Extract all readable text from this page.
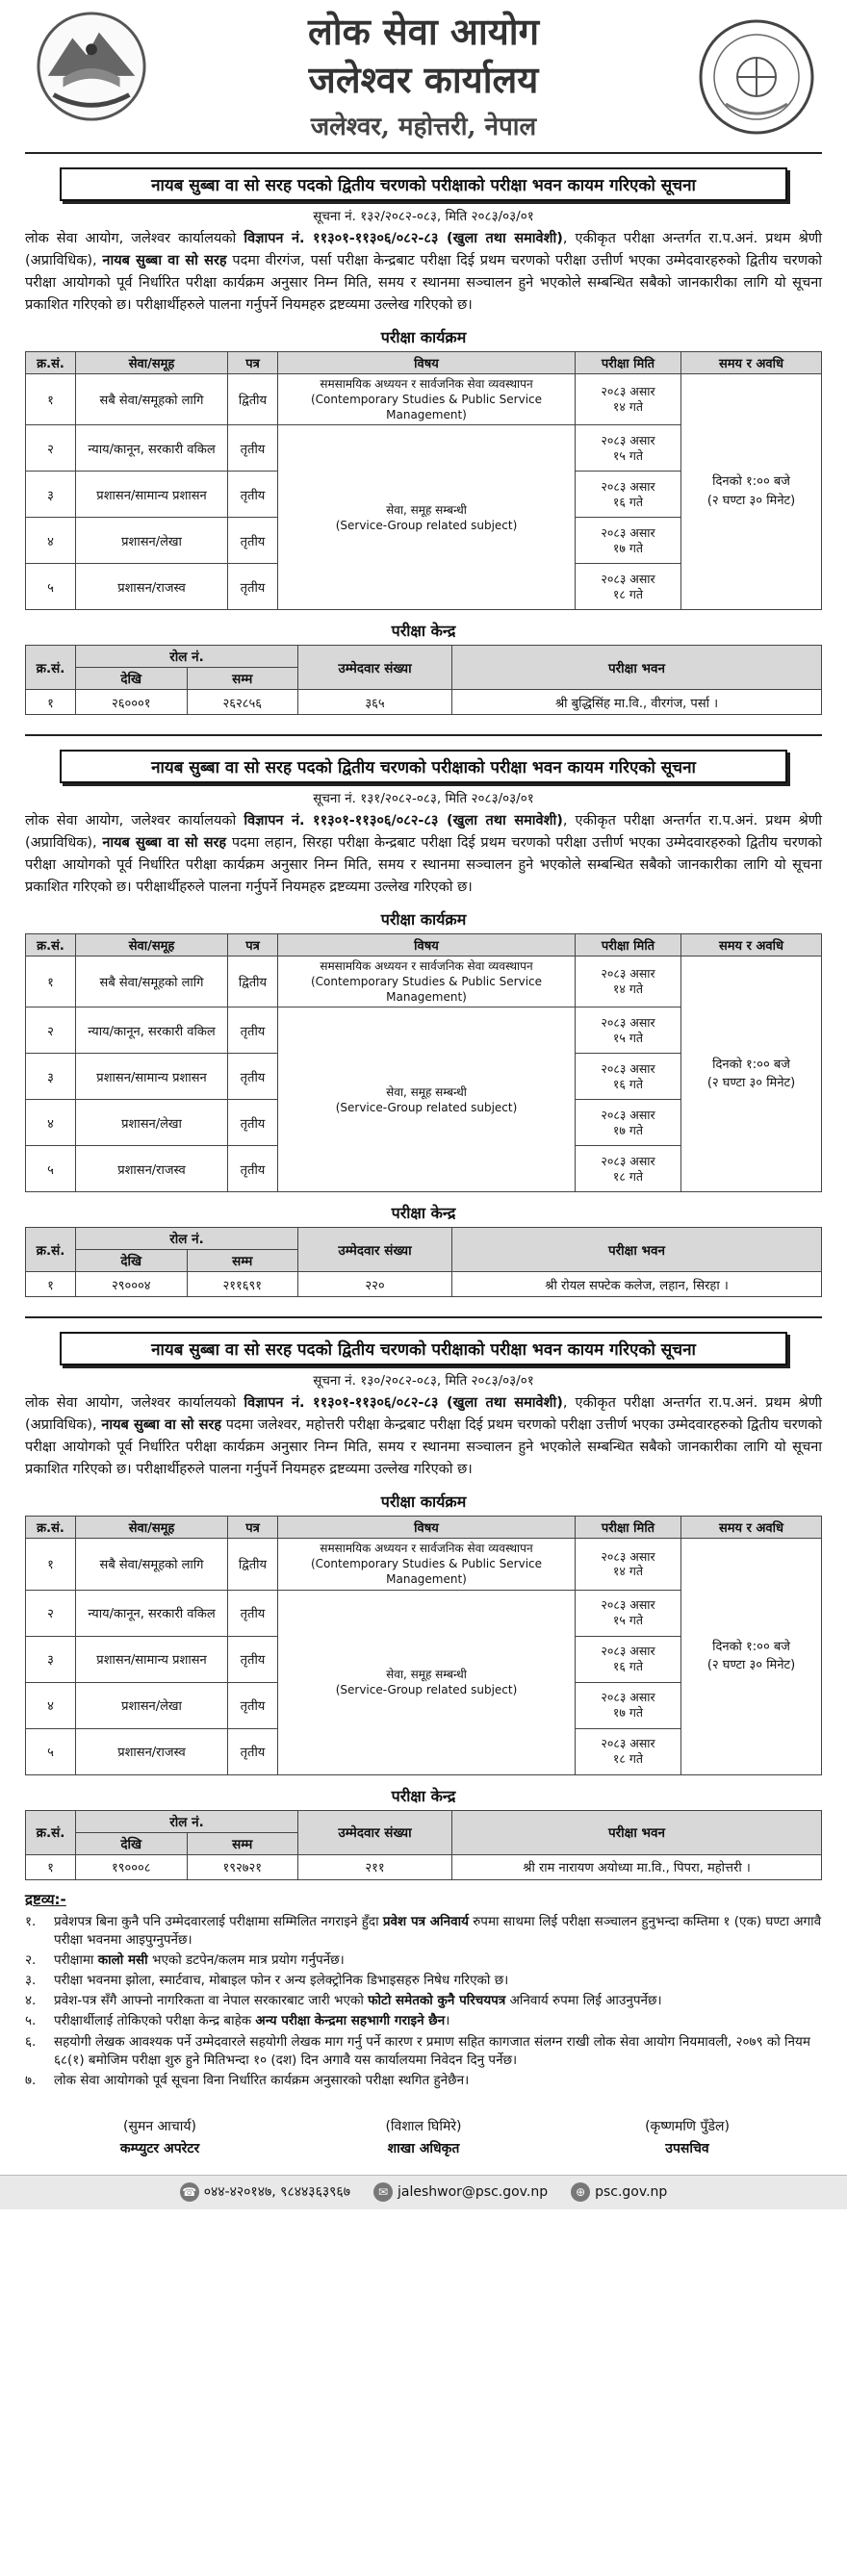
लोक सेवा आयोग
जलेश्वर कार्यालय
जलेश्वर, महोत्तरी, नेपाल
नायब सुब्बा वा सो सरह पदको द्वितीय चरणको परीक्षाको परीक्षा भवन कायम गरिएको सूचना
सूचना नं. १३२/२०८२-०८३, मिति २०८३/०३/०१

लोक सेवा आयोग, जलेश्वर कार्यालयको विज्ञापन नं. ११३०१-११३०६/०८२-८३ (खुला तथा समावेशी), एकीकृत परीक्षा अन्तर्गत रा.प.अनं. प्रथम श्रेणी (अप्राविधिक), नायब सुब्बा वा सो सरह पदमा वीरगंज, पर्सा परीक्षा केन्द्रबाट परीक्षा दिई प्रथम चरणको परीक्षा उत्तीर्ण भएका उम्मेदवारहरुको द्वितीय चरणको परीक्षा आयोगको पूर्व निर्धारित परीक्षा कार्यक्रम अनुसार निम्न मिति, समय र स्थानमा सञ्चालन हुने भएकोले सम्बन्धित सबैको जानकारीका लागि यो सूचना प्रकाशित गरिएको छ। परीक्षार्थीहरुले पालना गर्नुपर्ने नियमहरु द्रष्टव्यमा उल्लेख गरिएको छ।

परीक्षा कार्यक्रम
क्र.सं.	सेवा/समूह	पत्र	विषय	परीक्षा मिति	समय र अवधि
१	सबै सेवा/समूहको लागि	द्वितीय	समसामयिक अध्ययन र सार्वजनिक सेवा व्यवस्थापन
(Contemporary Studies & Public Service Management)	२०८३ असार
१४ गते	दिनको १:०० बजे
(२ घण्टा ३० मिनेट)
२	न्याय/कानून, सरकारी वकिल	तृतीय	सेवा, समूह सम्बन्धी
(Service-Group related subject)	२०८३ असार
१५ गते	
३	प्रशासन/सामान्य प्रशासन	तृतीय		२०८३ असार
१६ गते	
४	प्रशासन/लेखा	तृतीय		२०८३ असार
१७ गते	
५	प्रशासन/राजस्व	तृतीय		२०८३ असार
१८ गते	
परीक्षा केन्द्र
क्र.सं.	रोल नं.		उम्मेदवार संख्या	परीक्षा भवन
	देखि	सम्म		
१	२६०००१	२६२८५६	३६५	श्री बुद्धिसिंह मा.वि., वीरगंज, पर्सा ।
नायब सुब्बा वा सो सरह पदको द्वितीय चरणको परीक्षाको परीक्षा भवन कायम गरिएको सूचना
सूचना नं. १३१/२०८२-०८३, मिति २०८३/०३/०१

लोक सेवा आयोग, जलेश्वर कार्यालयको विज्ञापन नं. ११३०१-११३०६/०८२-८३ (खुला तथा समावेशी), एकीकृत परीक्षा अन्तर्गत रा.प.अनं. प्रथम श्रेणी (अप्राविधिक), नायब सुब्बा वा सो सरह पदमा लहान, सिरहा परीक्षा केन्द्रबाट परीक्षा दिई प्रथम चरणको परीक्षा उत्तीर्ण भएका उम्मेदवारहरुको द्वितीय चरणको परीक्षा आयोगको पूर्व निर्धारित परीक्षा कार्यक्रम अनुसार निम्न मिति, समय र स्थानमा सञ्चालन हुने भएकोले सम्बन्धित सबैको जानकारीका लागि यो सूचना प्रकाशित गरिएको छ। परीक्षार्थीहरुले पालना गर्नुपर्ने नियमहरु द्रष्टव्यमा उल्लेख गरिएको छ।

परीक्षा कार्यक्रम
क्र.सं.	सेवा/समूह	पत्र	विषय	परीक्षा मिति	समय र अवधि
१	सबै सेवा/समूहको लागि	द्वितीय	समसामयिक अध्ययन र सार्वजनिक सेवा व्यवस्थापन
(Contemporary Studies & Public Service Management)	२०८३ असार
१४ गते	दिनको १:०० बजे
(२ घण्टा ३० मिनेट)
२	न्याय/कानून, सरकारी वकिल	तृतीय	सेवा, समूह सम्बन्धी
(Service-Group related subject)	२०८३ असार
१५ गते	
३	प्रशासन/सामान्य प्रशासन	तृतीय		२०८३ असार
१६ गते	
४	प्रशासन/लेखा	तृतीय		२०८३ असार
१७ गते	
५	प्रशासन/राजस्व	तृतीय		२०८३ असार
१८ गते	
परीक्षा केन्द्र
क्र.सं.	रोल नं.		उम्मेदवार संख्या	परीक्षा भवन
	देखि	सम्म		
१	२९०००४	२११६९१	२२०	श्री रोयल सफ्टेक कलेज, लहान, सिरहा ।
नायब सुब्बा वा सो सरह पदको द्वितीय चरणको परीक्षाको परीक्षा भवन कायम गरिएको सूचना
सूचना नं. १३०/२०८२-०८३, मिति २०८३/०३/०१

लोक सेवा आयोग, जलेश्वर कार्यालयको विज्ञापन नं. ११३०१-११३०६/०८२-८३ (खुला तथा समावेशी), एकीकृत परीक्षा अन्तर्गत रा.प.अनं. प्रथम श्रेणी (अप्राविधिक), नायब सुब्बा वा सो सरह पदमा जलेश्वर, महोत्तरी परीक्षा केन्द्रबाट परीक्षा दिई प्रथम चरणको परीक्षा उत्तीर्ण भएका उम्मेदवारहरुको द्वितीय चरणको परीक्षा आयोगको पूर्व निर्धारित परीक्षा कार्यक्रम अनुसार निम्न मिति, समय र स्थानमा सञ्चालन हुने भएकोले सम्बन्धित सबैको जानकारीका लागि यो सूचना प्रकाशित गरिएको छ। परीक्षार्थीहरुले पालना गर्नुपर्ने नियमहरु द्रष्टव्यमा उल्लेख गरिएको छ।

परीक्षा कार्यक्रम
क्र.सं.	सेवा/समूह	पत्र	विषय	परीक्षा मिति	समय र अवधि
१	सबै सेवा/समूहको लागि	द्वितीय	समसामयिक अध्ययन र सार्वजनिक सेवा व्यवस्थापन
(Contemporary Studies & Public Service Management)	२०८३ असार
१४ गते	दिनको १:०० बजे
(२ घण्टा ३० मिनेट)
२	न्याय/कानून, सरकारी वकिल	तृतीय	सेवा, समूह सम्बन्धी
(Service-Group related subject)	२०८३ असार
१५ गते	
३	प्रशासन/सामान्य प्रशासन	तृतीय		२०८३ असार
१६ गते	
४	प्रशासन/लेखा	तृतीय		२०८३ असार
१७ गते	
५	प्रशासन/राजस्व	तृतीय		२०८३ असार
१८ गते	
परीक्षा केन्द्र
क्र.सं.	रोल नं.		उम्मेदवार संख्या	परीक्षा भवन
	देखि	सम्म		
१	१९०००८	१९२७२१	२११	श्री राम नारायण अयोध्या मा.वि., पिपरा, महोत्तरी ।
द्रष्टव्य:-
१. प्रवेशपत्र बिना कुनै पनि उम्मेदवारलाई परीक्षामा सम्मिलित नगराइने हुँदा प्रवेश पत्र अनिवार्य रुपमा साथमा लिई परीक्षा सञ्चालन हुनुभन्दा कम्तिमा १ (एक) घण्टा अगावै परीक्षा भवनमा आइपुग्नुपर्नेछ।
२. परीक्षामा कालो मसी भएको डटपेन/कलम मात्र प्रयोग गर्नुपर्नेछ।
३. परीक्षा भवनमा झोला, स्मार्टवाच, मोबाइल फोन र अन्य इलेक्ट्रोनिक डिभाइसहरु निषेध गरिएको छ।
४. प्रवेश-पत्र सँगै आफ्नो नागरिकता वा नेपाल सरकारबाट जारी भएको फोटो समेतको कुनै परिचयपत्र अनिवार्य रुपमा लिई आउनुपर्नेछ।
५. परीक्षार्थीलाई तोकिएको परीक्षा केन्द्र बाहेक अन्य परीक्षा केन्द्रमा सहभागी गराइने छैन।
६. सहयोगी लेखक आवश्यक पर्ने उम्मेदवारले सहयोगी लेखक माग गर्नु पर्ने कारण र प्रमाण सहित कागजात संलग्न राखी लोक सेवा आयोग नियमावली, २०७९ को नियम ६८(१) बमोजिम परीक्षा शुरु हुने मितिभन्दा १० (दश) दिन अगावै यस कार्यालयमा निवेदन दिनु पर्नेछ।
७. लोक सेवा आयोगको पूर्व सूचना विना निर्धारित कार्यक्रम अनुसारको परीक्षा स्थगित हुनेछैन।
(सुमन आचार्य)
कम्प्युटर अपरेटर
(विशाल घिमिरे)
शाखा अधिकृत
(कृष्णमणि पुँडेल)
उपसचिव
☎ ०४४-४२०१४७, ९८४४३६३९६७	✉ jaleshwor@psc.gov.np	⊕ psc.gov.np
